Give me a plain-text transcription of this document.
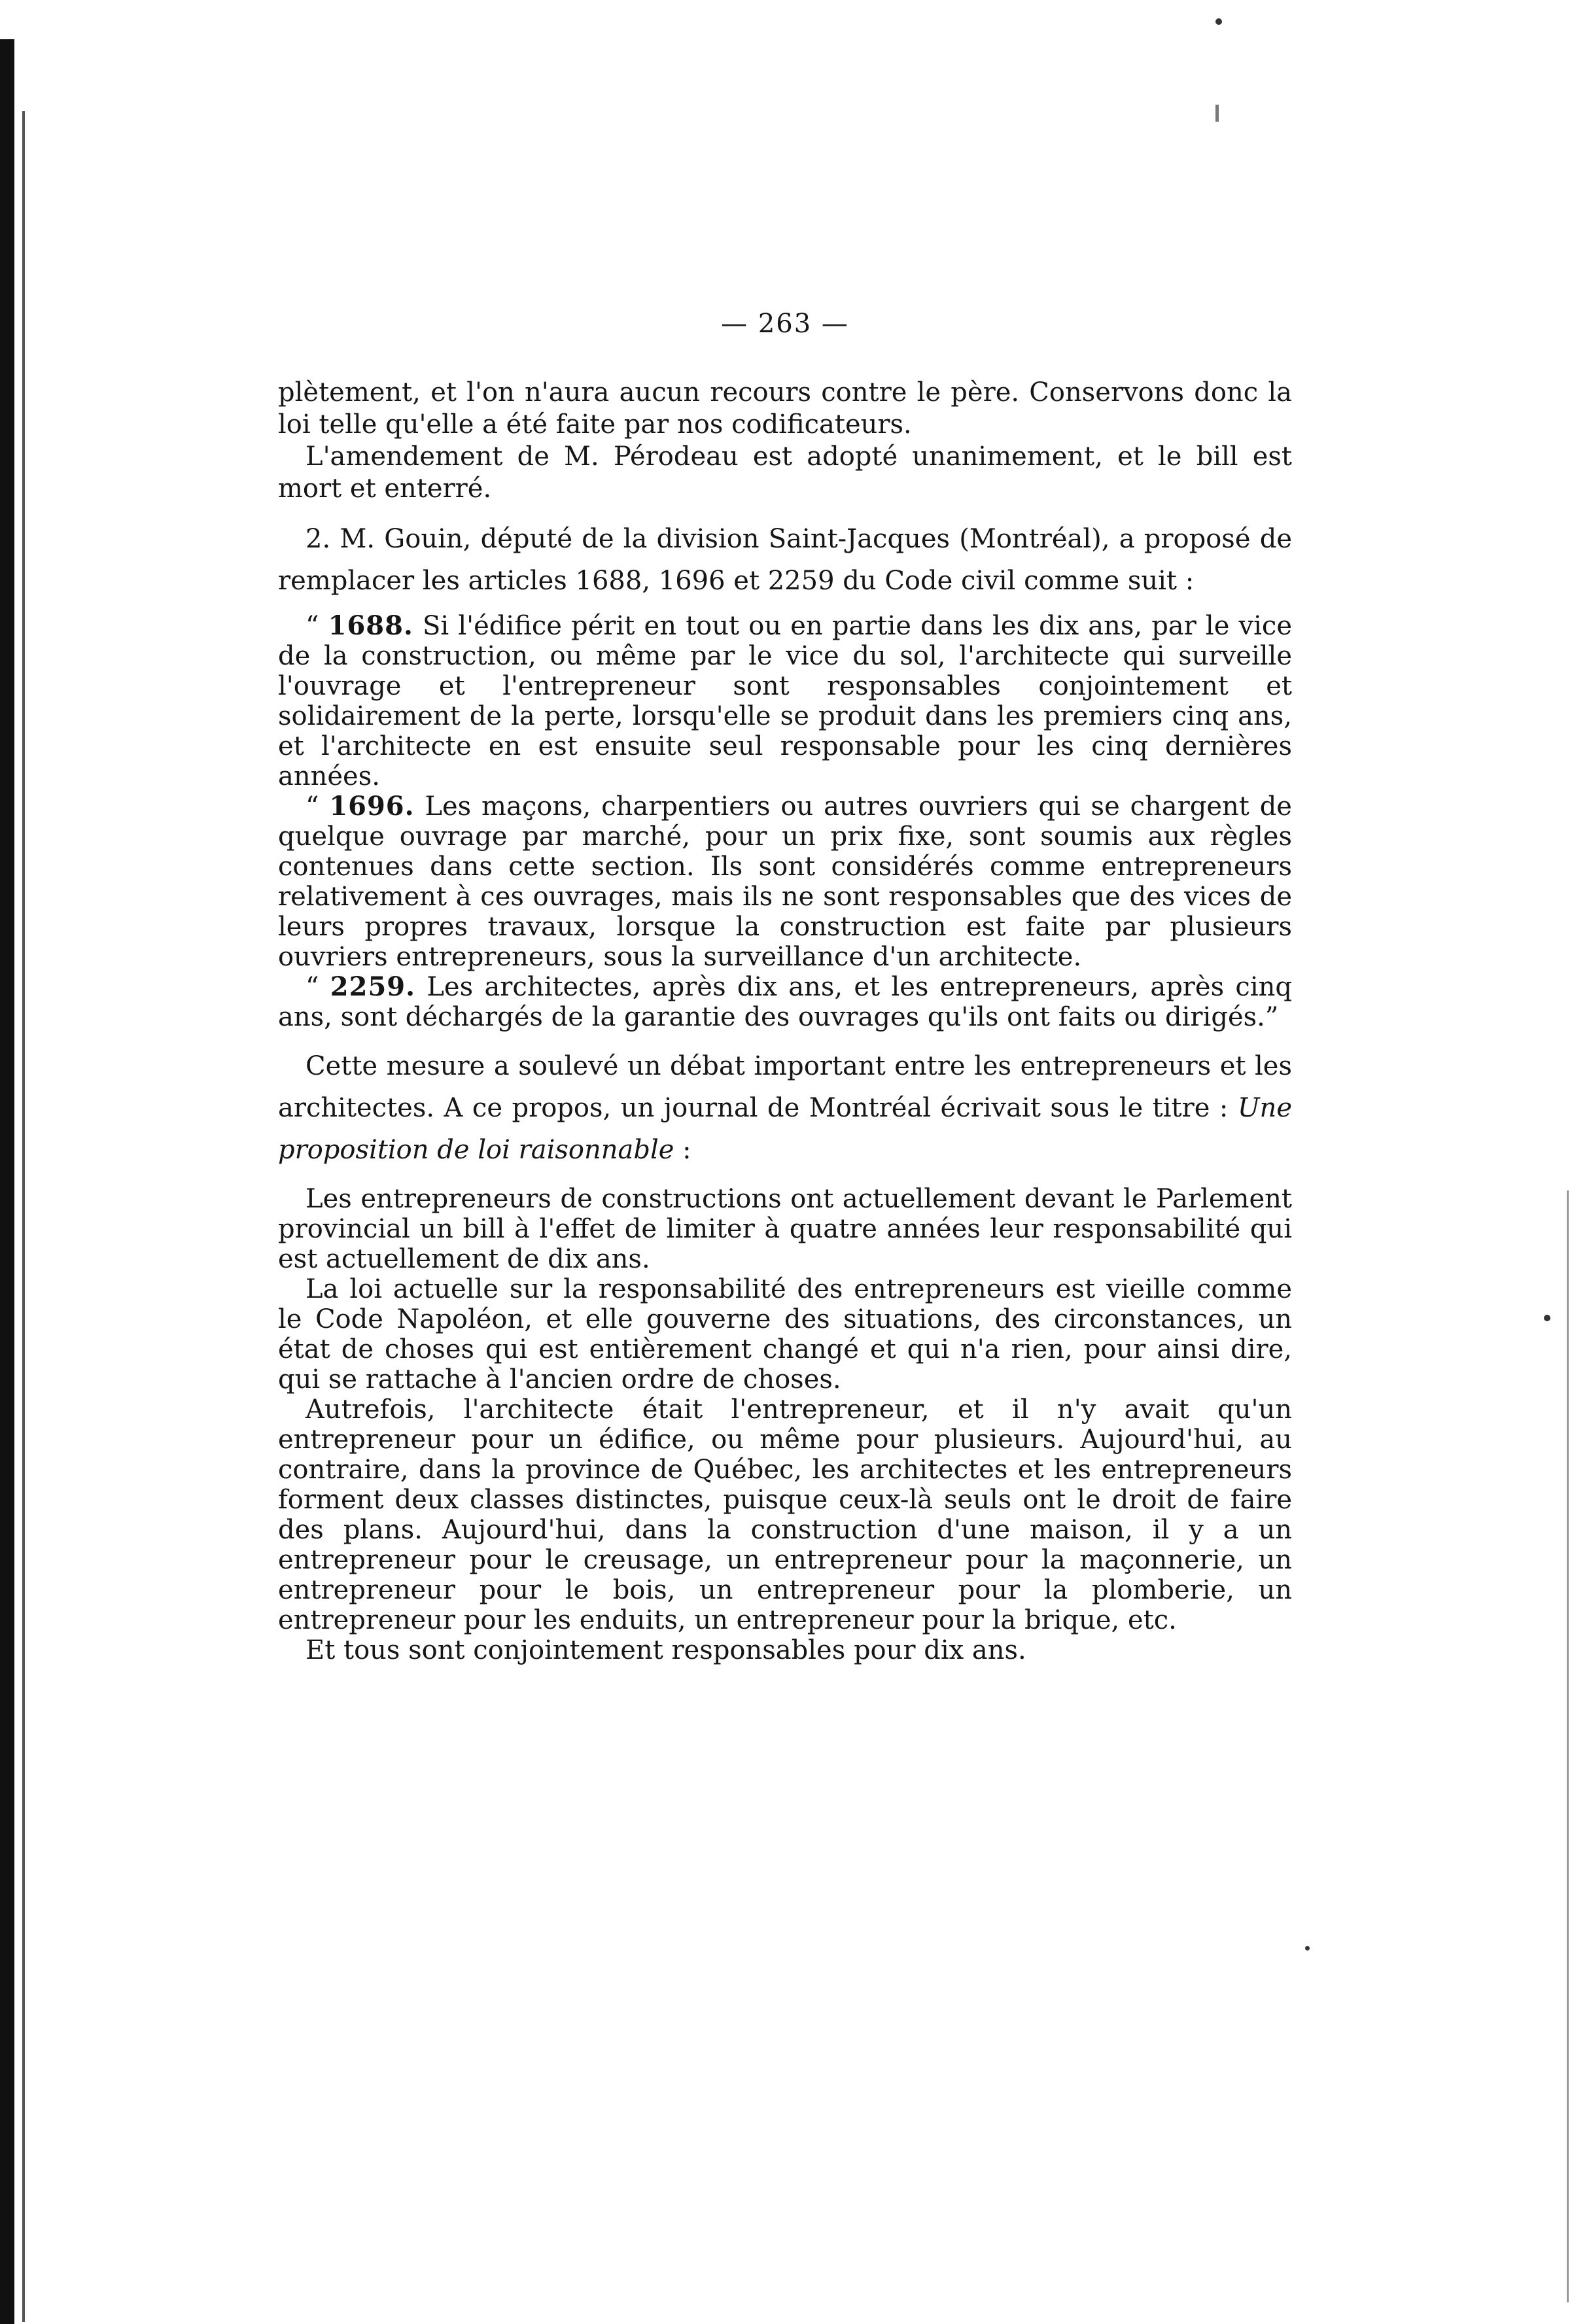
— 263 —

plètement, et l'on n'aura aucun recours contre le père. Conservons donc la loi telle qu'elle a été faite par nos codificateurs.

L'amendement de M. Pérodeau est adopté unanimement, et le bill est mort et enterré.

2. M. Gouin, député de la division Saint-Jacques (Montréal), a proposé de remplacer les articles 1688, 1696 et 2259 du Code civil comme suit :

“ 1688. Si l'édifice périt en tout ou en partie dans les dix ans, par le vice de la construction, ou même par le vice du sol, l'architecte qui surveille l'ouvrage et l'entrepreneur sont responsables conjointement et solidairement de la perte, lorsqu'elle se produit dans les premiers cinq ans, et l'architecte en est ensuite seul responsable pour les cinq dernières années.

“ 1696. Les maçons, charpentiers ou autres ouvriers qui se chargent de quelque ouvrage par marché, pour un prix fixe, sont soumis aux règles contenues dans cette section. Ils sont considérés comme entrepreneurs relativement à ces ouvrages, mais ils ne sont responsables que des vices de leurs propres travaux, lorsque la construction est faite par plusieurs ouvriers entrepreneurs, sous la surveillance d'un architecte.

“ 2259. Les architectes, après dix ans, et les entrepreneurs, après cinq ans, sont déchargés de la garantie des ouvrages qu'ils ont faits ou dirigés.”

Cette mesure a soulevé un débat important entre les entrepreneurs et les architectes. A ce propos, un journal de Montréal écrivait sous le titre : Une proposition de loi raisonnable :

Les entrepreneurs de constructions ont actuellement devant le Parlement provincial un bill à l'effet de limiter à quatre années leur responsabilité qui est actuellement de dix ans.

La loi actuelle sur la responsabilité des entrepreneurs est vieille comme le Code Napoléon, et elle gouverne des situations, des circonstances, un état de choses qui est entièrement changé et qui n'a rien, pour ainsi dire, qui se rattache à l'ancien ordre de choses.

Autrefois, l'architecte était l'entrepreneur, et il n'y avait qu'un entrepreneur pour un édifice, ou même pour plusieurs. Aujourd'hui, au contraire, dans la province de Québec, les architectes et les entrepreneurs forment deux classes distinctes, puisque ceux-là seuls ont le droit de faire des plans. Aujourd'hui, dans la construction d'une maison, il y a un entrepreneur pour le creusage, un entrepreneur pour la maçonnerie, un entrepreneur pour le bois, un entrepreneur pour la plomberie, un entrepreneur pour les enduits, un entrepreneur pour la brique, etc.

Et tous sont conjointement responsables pour dix ans.
